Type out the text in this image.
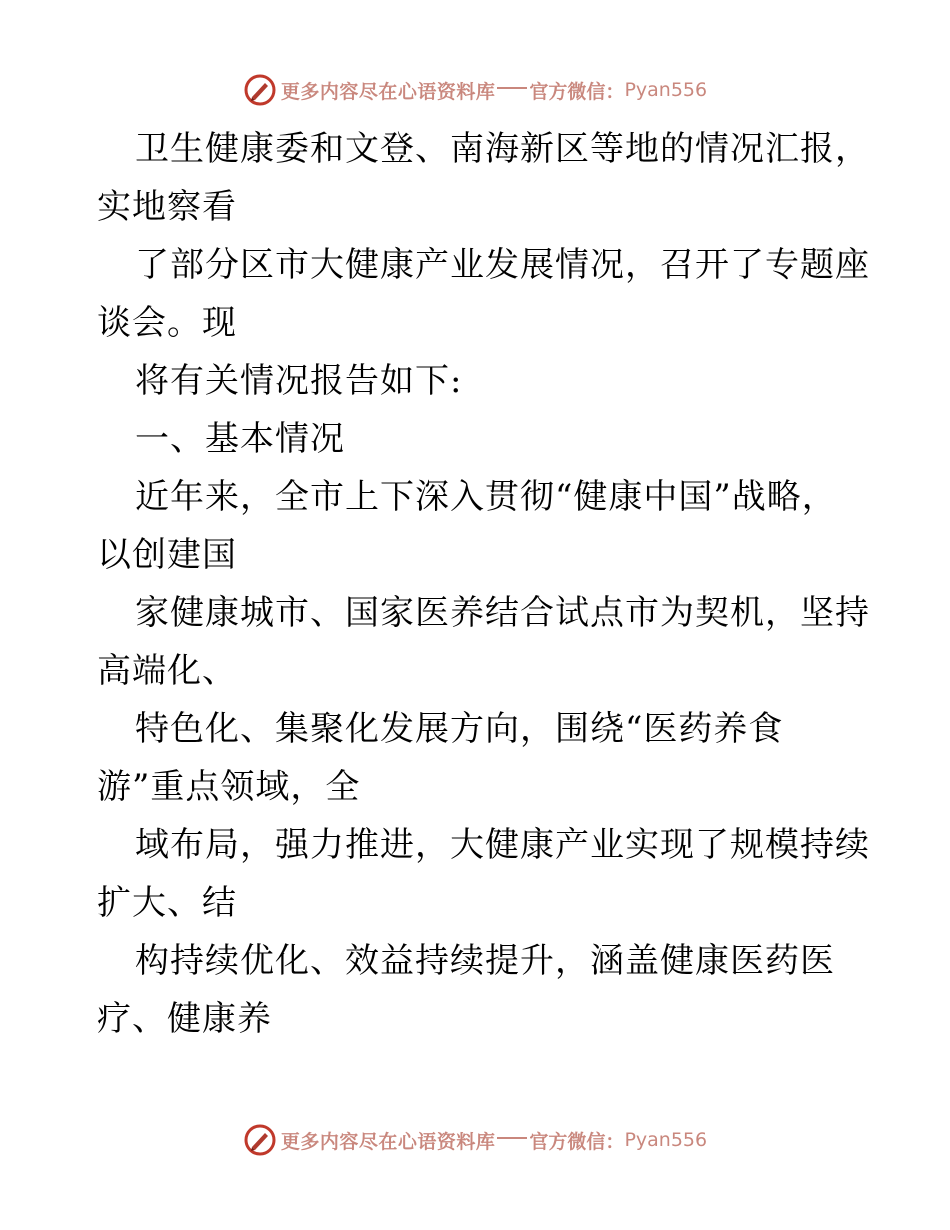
更多内容尽在心语资料库 官方微信： Pyan556
卫生健康委和文登、南海新区等地的情况汇报，
实地察看
了部分区市大健康产业发展情况，召开了专题座
谈会。现
将有关情况报告如下:
一、基本情况
近年来，全市上下深入贯彻“健康中国”战略，
以创建国
家健康城市、国家医养结合试点市为契机，坚持
高端化、
特色化、集聚化发展方向，围绕“医药养食
游”重点领域，全
域布局，强力推进，大健康产业实现了规模持续
扩大、结
构持续优化、效益持续提升，涵盖健康医药医
疗、健康养
更多内容尽在心语资料库 官方微信： Pyan556
